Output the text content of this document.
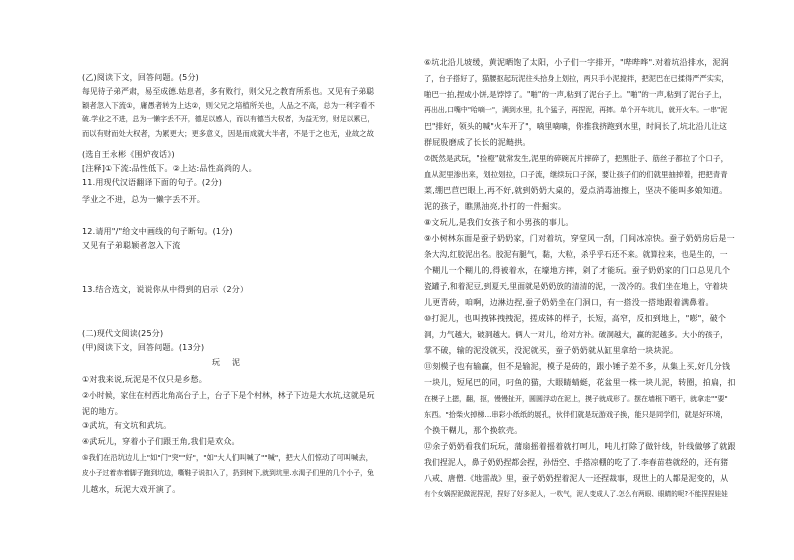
(乙)阅读下文，回答问题。(5分)
每见待子弟严肃，易至成德.姑息者，多有败行，则父兄之教育所系也。又见有子弟聪
颖者忽入下流①，庸愚者转为上达②，则父兄之培植所关也，人品之不高，总为一利字看不
破.学业之不进，总为一懒字丢不开，德足以感人，而以有德当大权者，为益无穷，财足以累已，
而以有财而处大权者，为累更大；更多意义，因是而成就大半者，不是于之也无，业故之故
(选自王永彬《围炉夜话》)
[注释]①下流:品性低下。②上达:品性高尚的人。
11.用现代汉语翻译下面的句子。(2分)
学业之不进，总为一懒字丢不开。
12.请用"/"给文中画线的句子断句。(1分)
又见有子弟聪颖者忽入下流
13.结合选文，说说你从中得到的启示（2分）
(二)现代文阅读(25分)
(甲)阅读下文，回答问题。(13分)
玩泥
①对我来说,玩泥是不仅只是乡愁。
②小时候，家住在村西北角高台子上，台子下是个村林，林子下边是大水坑,这就是玩
泥的地方。
③武坑，有文坑和武坑。
④武玩儿，穿着小子们跟王角,我们是欢众。
⑤我们在沿坑边儿上"如"门"突""好"，"如"大人们叫喊了""喊"，把大人们惊动了可叫喊去，
皮小子过着赤着脚子跑到坑边，嘶鞋子说扣入了，扔到树下,就到坑里.水渴子们里的几个小子，兔
儿越水，玩泥大戏开演了。
⑥坑北沿儿坡缓，黄泥晒饱了太阳，小子们一字排开，"哔哔哗".对着坑沿排水，泥润
了，台子搭好了，猫腰抠起玩泥往头拾身上划拉，两只手小泥搅拌，把泥巴在已揉得严严实实，
啪巴一拍,捏成小饼,是饽饽了。"啪"的一声,粘到了泥台子上。"啪"的一声,粘到了泥台子上，
再出出,口嘴中"哈嘀一"，满到水里，扎个猛子，再捏泥，再摔。单个开车坑儿，就开火车。一串"泥
巴"排好，领头的喊"火车开了"，嘀里嘀嘀，你推我挤跑到水里，时间长了,坑北沿儿让这
群屁股磨成了长长的泥鲢拱。
⑦既然是武玩，"捡橙"就常发生,泥里的碎碗瓦片摔碎了，把黑肚子、筋丝子都拉了个口子，
血从泥里渗出来，划拉划拉，口子流，继续玩口子深，要让孩子们的们就里抽掉着，把把青青
菜,绷巴苣巴眼上,再不好,就到奶奶大桌的，爱点消毒油擦上，坚决不能叫多娘知道。
泥的孩子，瞧黑油亮,扑打的一件掘实。
⑧文玩儿,是我们女孩子和小男孩的事儿。
⑨小树林东面是蚕子奶奶家，门对着坑，穿堂风一刮，门间冰凉快。蚕子奶奶房后是一
条大沟,红胶泥出名。胶泥有腿气，黏，大粒，杀乎乎石还不来。就算拉来，也是生的，一
个糊儿一个糊儿的,得被着水，在壕地方摔，剁了才能玩。蚕子奶奶家的门口总见几个
瓷罐子,和着泥豆,到夏天,里面就是奶奶放的清清的泥，一泼冷的。我们坐在地上，守着块
儿更青砖，咱啊，边淋边捏,蚕子奶奶坐在门洞口，有一搭没一搭地跟着满鼻着。
⑩打泥儿，也叫拽钵拽拽泥，搓成钵的样子，长短，高窄，反扣到地上，"嘭"，破个
洞，力气越大，破洞越大。俩人一对儿，给对方补。破洞越大，赢的泥越多。大小的孩子，
掌不破，输的泥没就买，没泥就买，蚕子奶奶就从缸里拿给一块块泥。
⑪刻模子也有输赢，但不是输泥，模子是砖的，跟小锤子差不多，从集上买,好几分钱
一块儿，短尾巴的同，叼鱼的猫，大眼睛蜻蜓，花盆里一株一块儿泥，转圈，拍扁，扣
在模子上摁，翻，抠，慢慢扯开，圆圆浮动在泥上，摸子就成形了。摆在墙根下晒干，就拿走""要"
东西。"拾柴火掉梯...串彩小纸纸的展孔，伙伴们就是玩游戏子换，能只是同学们，就是好环境，
个换干糊儿，那个换软壳。
⑫余子奶奶看我们玩玩，蒲扇摇着摇着就打呵儿，吨儿打除了做针线，针线做够了就跟
我们捏泥人，鼻子奶奶捏都会捏，孙悟空、手搭凉棚的吃了了.李春苗巷就经的，还有猪
八戒、唐僧.《地雷战》里，蚕子奶奶捏着泥人一还捏裁事，现世上的人都是泥变的，从
有个女娲捏泥做泥捏泥，捏好了好多泥人，一吹气，泥人变成人了.怎么有两眼、眼睛的呢?不能捏捏娃娃
